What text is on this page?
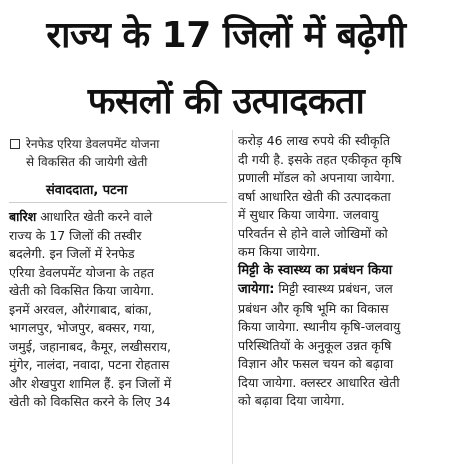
राज्य के 17 जिलों में बढ़ेगी
फसलों की उत्पादकता
रेनफेड एरिया डेवलपमेंट योजना
से विकसित की जायेगी खेती
संवाददाता, पटना
बारिश आधारित खेती करने वाले
राज्य के 17 जिलों की तस्वीर
बदलेगी. इन जिलों में रेनफेड
एरिया डेवलपमेंट योजना के तहत
खेती को विकसित किया जायेगा.
इनमें अरवल, औरंगाबाद, बांका,
भागलपुर, भोजपुर, बक्सर, गया,
जमुई, जहानाबद, कैमूर, लखीसराय,
मुंगेर, नालंदा, नवादा, पटना रोहतास
और शेखपुरा शामिल हैं. इन जिलों में
खेती को विकसित करने के लिए 34
करोड़ 46 लाख रुपये की स्वीकृति
दी गयी है. इसके तहत एकीकृत कृषि
प्रणाली मॉडल को अपनाया जायेगा.
वर्षा आधारित खेती की उत्पादकता
में सुधार किया जायेगा. जलवायु
परिवर्तन से होने वाले जोखिमों को
कम किया जायेगा.
मिट्टी के स्वास्थ्य का प्रबंधन किया
जायेगा: मिट्टी स्वास्थ्य प्रबंधन, जल
प्रबंधन और कृषि भूमि का विकास
किया जायेगा. स्थानीय कृषि-जलवायु
परिस्थितियों के अनुकूल उन्नत कृषि
विज्ञान और फसल चयन को बढ़ावा
दिया जायेगा. क्लस्टर आधारित खेती
को बढ़ावा दिया जायेगा.
